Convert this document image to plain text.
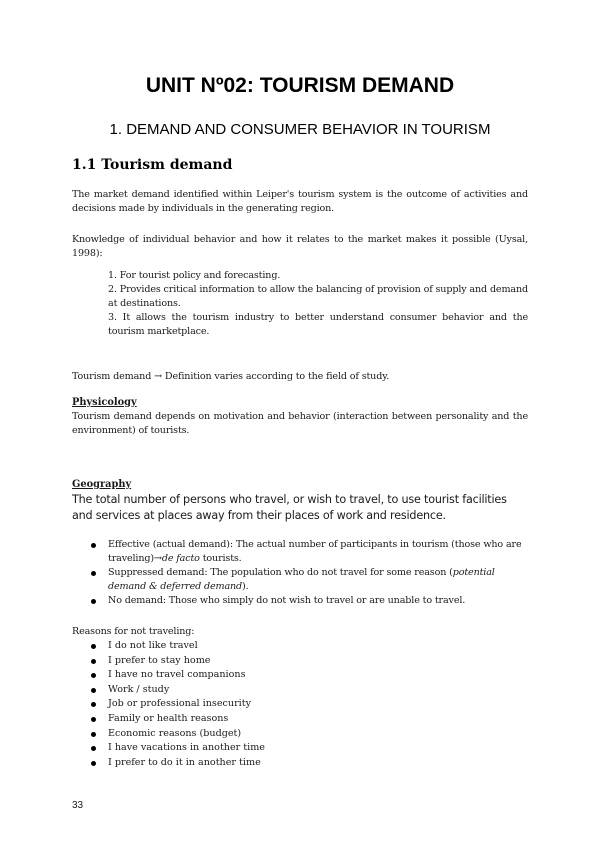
UNIT Nº02: TOURISM DEMAND
1. DEMAND AND CONSUMER BEHAVIOR IN TOURISM
1.1 Tourism demand
The market demand identified within Leiper's tourism system is the outcome of activities and decisions made by individuals in the generating region.
Knowledge of individual behavior and how it relates to the market makes it possible (Uysal, 1998):
1. For tourist policy and forecasting.
2. Provides critical information to allow the balancing of provision of supply and demand at destinations.
3. It allows the tourism industry to better understand consumer behavior and the tourism marketplace.
Tourism demand → Definition varies according to the field of study.
Physicology
Tourism demand depends on motivation and behavior (interaction between personality and the environment) of tourists.
Geography
The total number of persons who travel, or wish to travel, to use tourist facilities and services at places away from their places of work and residence.
Effective (actual demand): The actual number of participants in tourism (those who are traveling)→de facto tourists.
Suppressed demand: The population who do not travel for some reason (potential demand & deferred demand).
No demand: Those who simply do not wish to travel or are unable to travel.
Reasons for not traveling:
I do not like travel
I prefer to stay home
I have no travel companions
Work / study
Job or professional insecurity
Family or health reasons
Economic reasons (budget)
I have vacations in another time
I prefer to do it in another time
33
